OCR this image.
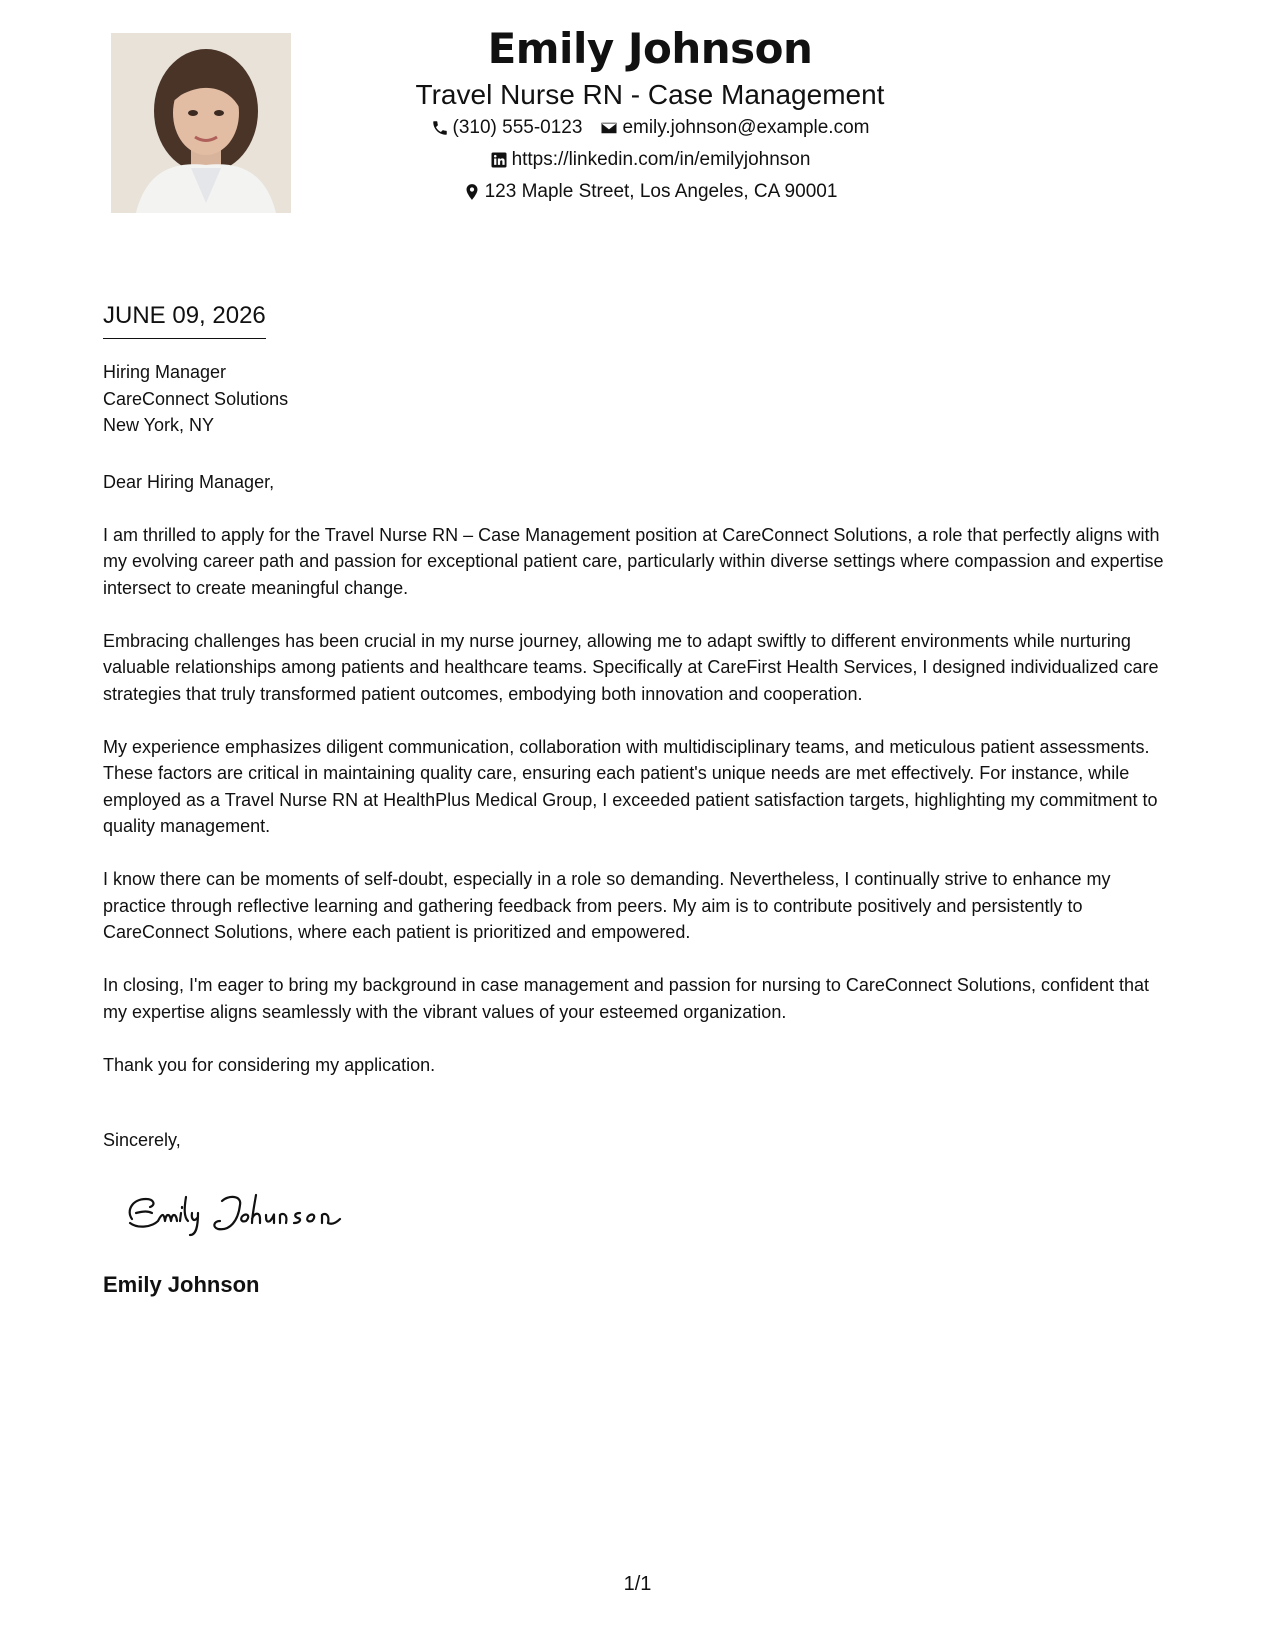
Emily Johnson
Travel Nurse RN - Case Management
(310) 555-0123 emily.johnson@example.com
https://linkedin.com/in/emilyjohnson
123 Maple Street, Los Angeles, CA 90001
JUNE 09, 2026
Hiring Manager
CareConnect Solutions
New York, NY

Dear Hiring Manager,

I am thrilled to apply for the Travel Nurse RN – Case Management position at CareConnect Solutions, a role that perfectly aligns with my evolving career path and passion for exceptional patient care, particularly within diverse settings where compassion and expertise intersect to create meaningful change.

Embracing challenges has been crucial in my nurse journey, allowing me to adapt swiftly to different environments while nurturing valuable relationships among patients and healthcare teams. Specifically at CareFirst Health Services, I designed individualized care strategies that truly transformed patient outcomes, embodying both innovation and cooperation.

My experience emphasizes diligent communication, collaboration with multidisciplinary teams, and meticulous patient assessments. These factors are critical in maintaining quality care, ensuring each patient's unique needs are met effectively. For instance, while employed as a Travel Nurse RN at HealthPlus Medical Group, I exceeded patient satisfaction targets, highlighting my commitment to quality management.

I know there can be moments of self-doubt, especially in a role so demanding. Nevertheless, I continually strive to enhance my practice through reflective learning and gathering feedback from peers. My aim is to contribute positively and persistently to CareConnect Solutions, where each patient is prioritized and empowered.

In closing, I'm eager to bring my background in case management and passion for nursing to CareConnect Solutions, confident that my expertise aligns seamlessly with the vibrant values of your esteemed organization.

Thank you for considering my application.

Sincerely,
Emily Johnson
1/1
